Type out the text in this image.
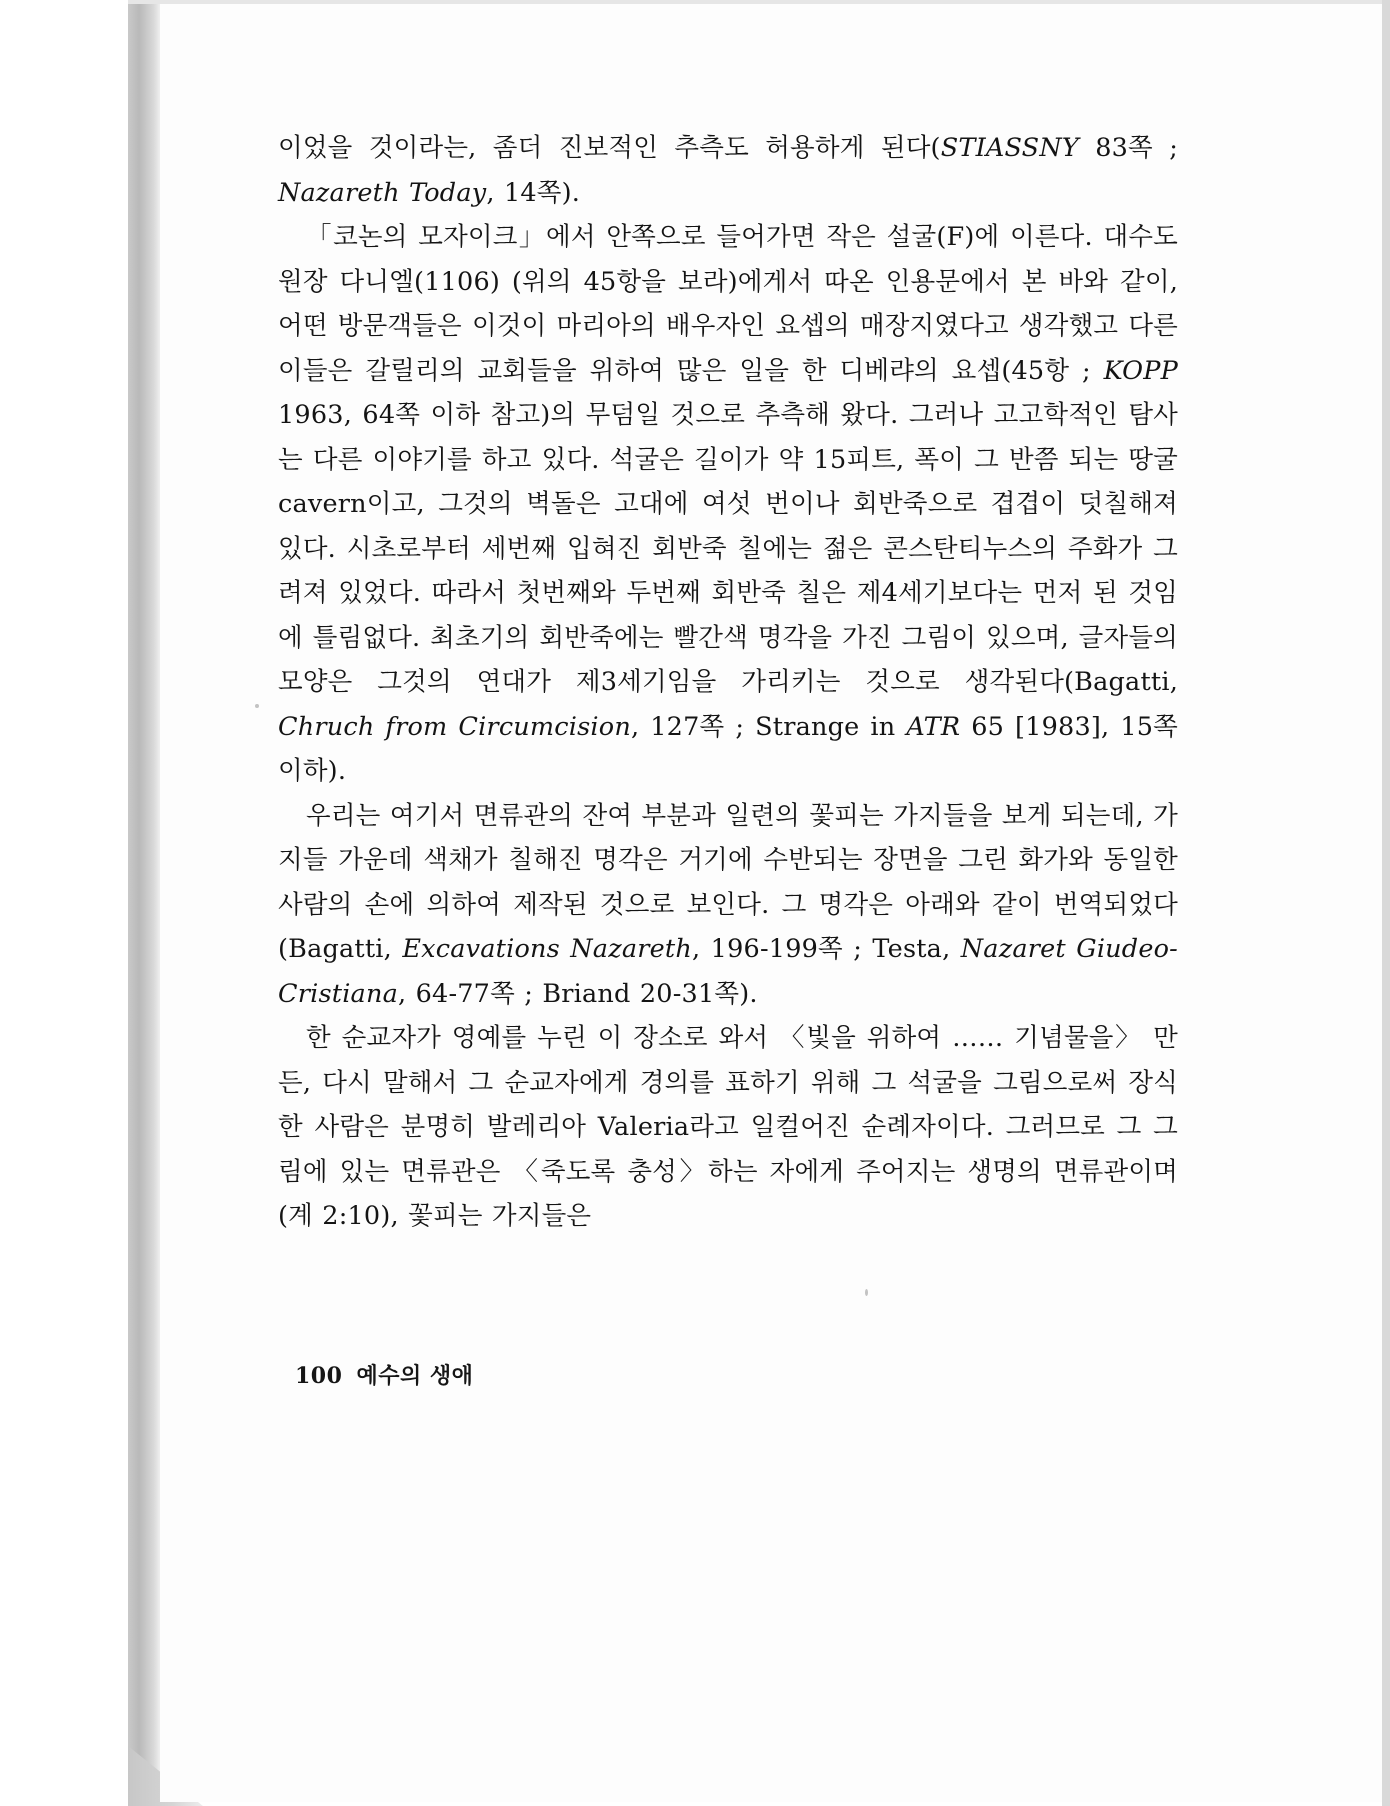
이었을 것이라는, 좀더 진보적인 추측도 허용하게 된다(STIASSNY 83쪽 ; Nazareth Today, 14쪽).

「코논의 모자이크」에서 안쪽으로 들어가면 작은 설굴(F)에 이른다. 대수도원장 다니엘(1106) (위의 45항을 보라)에게서 따온 인용문에서 본 바와 같이, 어떤 방문객들은 이것이 마리아의 배우자인 요셉의 매장지였다고 생각했고 다른 이들은 갈릴리의 교회들을 위하여 많은 일을 한 디베랴의 요셉(45항 ; KOPP 1963, 64쪽 이하 참고)의 무덤일 것으로 추측해 왔다. 그러나 고고학적인 탐사는 다른 이야기를 하고 있다. 석굴은 길이가 약 15피트, 폭이 그 반쯤 되는 땅굴 cavern이고, 그것의 벽돌은 고대에 여섯 번이나 회반죽으로 겹겹이 덧칠해져 있다. 시초로부터 세번째 입혀진 회반죽 칠에는 젊은 콘스탄티누스의 주화가 그려져 있었다. 따라서 첫번째와 두번째 회반죽 칠은 제4세기보다는 먼저 된 것임에 틀림없다. 최초기의 회반죽에는 빨간색 명각을 가진 그림이 있으며, 글자들의 모양은 그것의 연대가 제3세기임을 가리키는 것으로 생각된다(Bagatti, Chruch from Circumcision, 127쪽 ; Strange in ATR 65 [1983], 15쪽 이하).

우리는 여기서 면류관의 잔여 부분과 일련의 꽃피는 가지들을 보게 되는데, 가지들 가운데 색채가 칠해진 명각은 거기에 수반되는 장면을 그린 화가와 동일한 사람의 손에 의하여 제작된 것으로 보인다. 그 명각은 아래와 같이 번역되었다(Bagatti, Excavations Nazareth, 196-199쪽 ; Testa, Nazaret Giudeo-Cristiana, 64-77쪽 ; Briand 20-31쪽).

한 순교자가 영예를 누린 이 장소로 와서 〈빛을 위하여 …… 기념물을〉 만든, 다시 말해서 그 순교자에게 경의를 표하기 위해 그 석굴을 그림으로써 장식한 사람은 분명히 발레리아 Valeria라고 일컬어진 순례자이다. 그러므로 그 그림에 있는 면류관은 〈죽도록 충성〉하는 자에게 주어지는 생명의 면류관이며(계 2:10), 꽃피는 가지들은

100 예수의 생애
